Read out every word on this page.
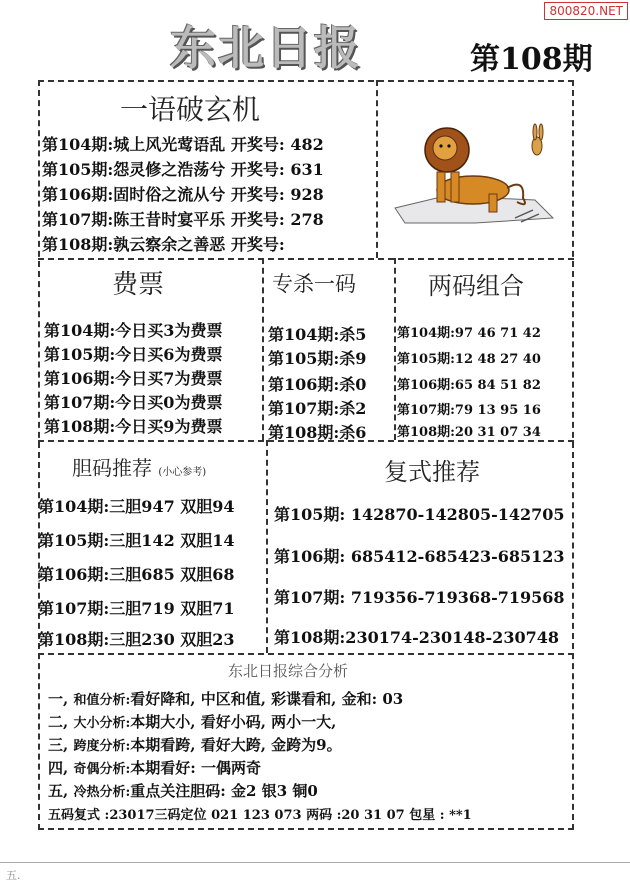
800820.NET
东北日报	第108期
一语破玄机
第104期:城上风光莺语乱 开奖号: 482
第105期:怨灵修之浩荡兮 开奖号: 631
第106期:固时俗之流从兮 开奖号: 928
第107期:陈王昔时宴平乐 开奖号: 278
第108期:孰云察余之善恶 开奖号:
费票
第104期:今日买3为费票
第105期:今日买6为费票
第106期:今日买7为费票
第107期:今日买0为费票
第108期:今日买9为费票
专杀一码
第104期:杀5
第105期:杀9
第106期:杀0
第107期:杀2
第108期:杀6
两码组合
第104期:97 46 71 42
第105期:12 48 27 40
第106期:65 84 51 82
第107期:79 13 95 16
第108期:20 31 07 34
胆码推荐 (小心参考)
第104期:三胆947 双胆94
第105期:三胆142 双胆14
第106期:三胆685 双胆68
第107期:三胆719 双胆71
第108期:三胆230 双胆23
复式推荐
第105期: 142870-142805-142705
第106期: 685412-685423-685123
第107期: 719356-719368-719568
第108期:230174-230148-230748
东北日报综合分析
一, 和值分析:看好降和, 中区和值, 彩谍看和, 金和: 03
二, 大小分析:本期大小, 看好小码, 两小一大,
三, 跨度分析:本期看跨, 看好大跨, 金跨为9。
四, 奇偶分析:本期看好: 一偶两奇
五, 冷热分析:重点关注胆码: 金2 银3 铜0
五码复式 :23017三码定位 021 123 073 两码 :20 31 07 包星 : **1
五.
